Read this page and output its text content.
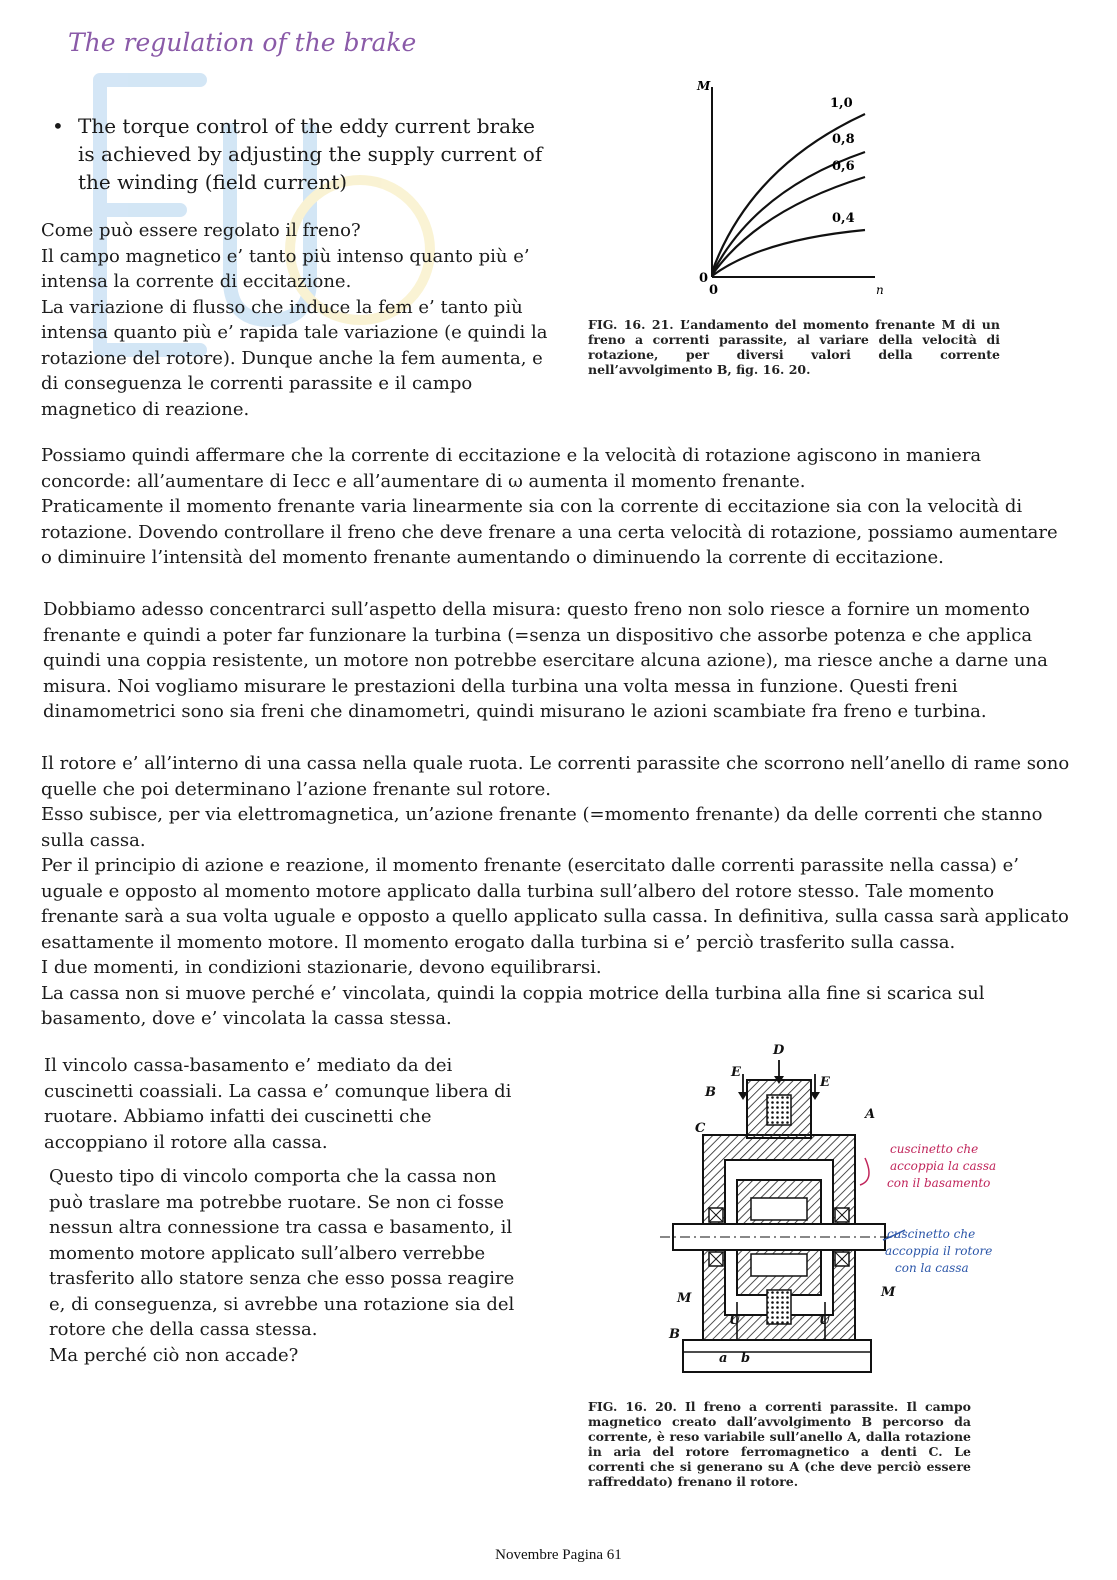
The regulation of the brake
• The torque control of the eddy current brake is achieved by adjusting the supply current of the winding (field current)
Come può essere regolato il freno?
Il campo magnetico e’ tanto più intenso quanto più e’ intensa la corrente di eccitazione.
La variazione di flusso che induce la fem e’ tanto più intensa quanto più e’ rapida tale variazione (e quindi la rotazione del rotore). Dunque anche la fem aumenta, e di conseguenza le correnti parassite e il campo magnetico di reazione.
M
n
0
0
1,0
0,8
0,6
0,4
FIG. 16. 21. L’andamento del momento frenante M di un freno a correnti parassite, al variare della velocità di rotazione, per diversi valori della corrente nell’avvolgimento B, fig. 16. 20.
Possiamo quindi affermare che la corrente di eccitazione e la velocità di rotazione agiscono in maniera concorde: all’aumentare di Iecc e all’aumentare di ω aumenta il momento frenante.
Praticamente il momento frenante varia linearmente sia con la corrente di eccitazione sia con la velocità di rotazione. Dovendo controllare il freno che deve frenare a una certa velocità di rotazione, possiamo aumentare o diminuire l’intensità del momento frenante aumentando o diminuendo la corrente di eccitazione.
Dobbiamo adesso concentrarci sull’aspetto della misura: questo freno non solo riesce a fornire un momento frenante e quindi a poter far funzionare la turbina (=senza un dispositivo che assorbe potenza e che applica quindi una coppia resistente, un motore non potrebbe esercitare alcuna azione), ma riesce anche a darne una misura. Noi vogliamo misurare le prestazioni della turbina una volta messa in funzione. Questi freni dinamometrici sono sia freni che dinamometri, quindi misurano le azioni scambiate fra freno e turbina.
Il rotore e’ all’interno di una cassa nella quale ruota. Le correnti parassite che scorrono nell’anello di rame sono quelle che poi determinano l’azione frenante sul rotore.
Esso subisce, per via elettromagnetica, un’azione frenante (=momento frenante) da delle correnti che stanno sulla cassa.
Per il principio di azione e reazione, il momento frenante (esercitato dalle correnti parassite nella cassa) e’ uguale e opposto al momento motore applicato dalla turbina sull’albero del rotore stesso. Tale momento frenante sarà a sua volta uguale e opposto a quello applicato sulla cassa. In definitiva, sulla cassa sarà applicato esattamente il momento motore. Il momento erogato dalla turbina si e’ perciò trasferito sulla cassa.
I due momenti, in condizioni stazionarie, devono equilibrarsi.
La cassa non si muove perché e’ vincolata, quindi la coppia motrice della turbina alla fine si scarica sul basamento, dove e’ vincolata la cassa stessa.
Il vincolo cassa-basamento e’ mediato da dei cuscinetti coassiali. La cassa e’ comunque libera di ruotare. Abbiamo infatti dei cuscinetti che accoppiano il rotore alla cassa.
Questo tipo di vincolo comporta che la cassa non può traslare ma potrebbe ruotare. Se non ci fosse nessun altra connessione tra cassa e basamento, il momento motore applicato sull’albero verrebbe trasferito allo statore senza che esso possa reagire e, di conseguenza, si avrebbe una rotazione sia del rotore che della cassa stessa.
Ma perché ciò non accade?
D
E
E
B
C
A
M	M
B
U	U
a b
cuscinetto che
accoppia la cassa
con il basamento
cuscinetto che
accoppia il rotore
con la cassa
FIG. 16. 20. Il freno a correnti parassite. Il campo magnetico creato dall’avvolgimento B percorso da corrente, è reso variabile sull’anello A, dalla rotazione in aria del rotore ferromagnetico a denti C. Le correnti che si generano su A (che deve perciò essere raffreddato) frenano il rotore.
Novembre Pagina 61
